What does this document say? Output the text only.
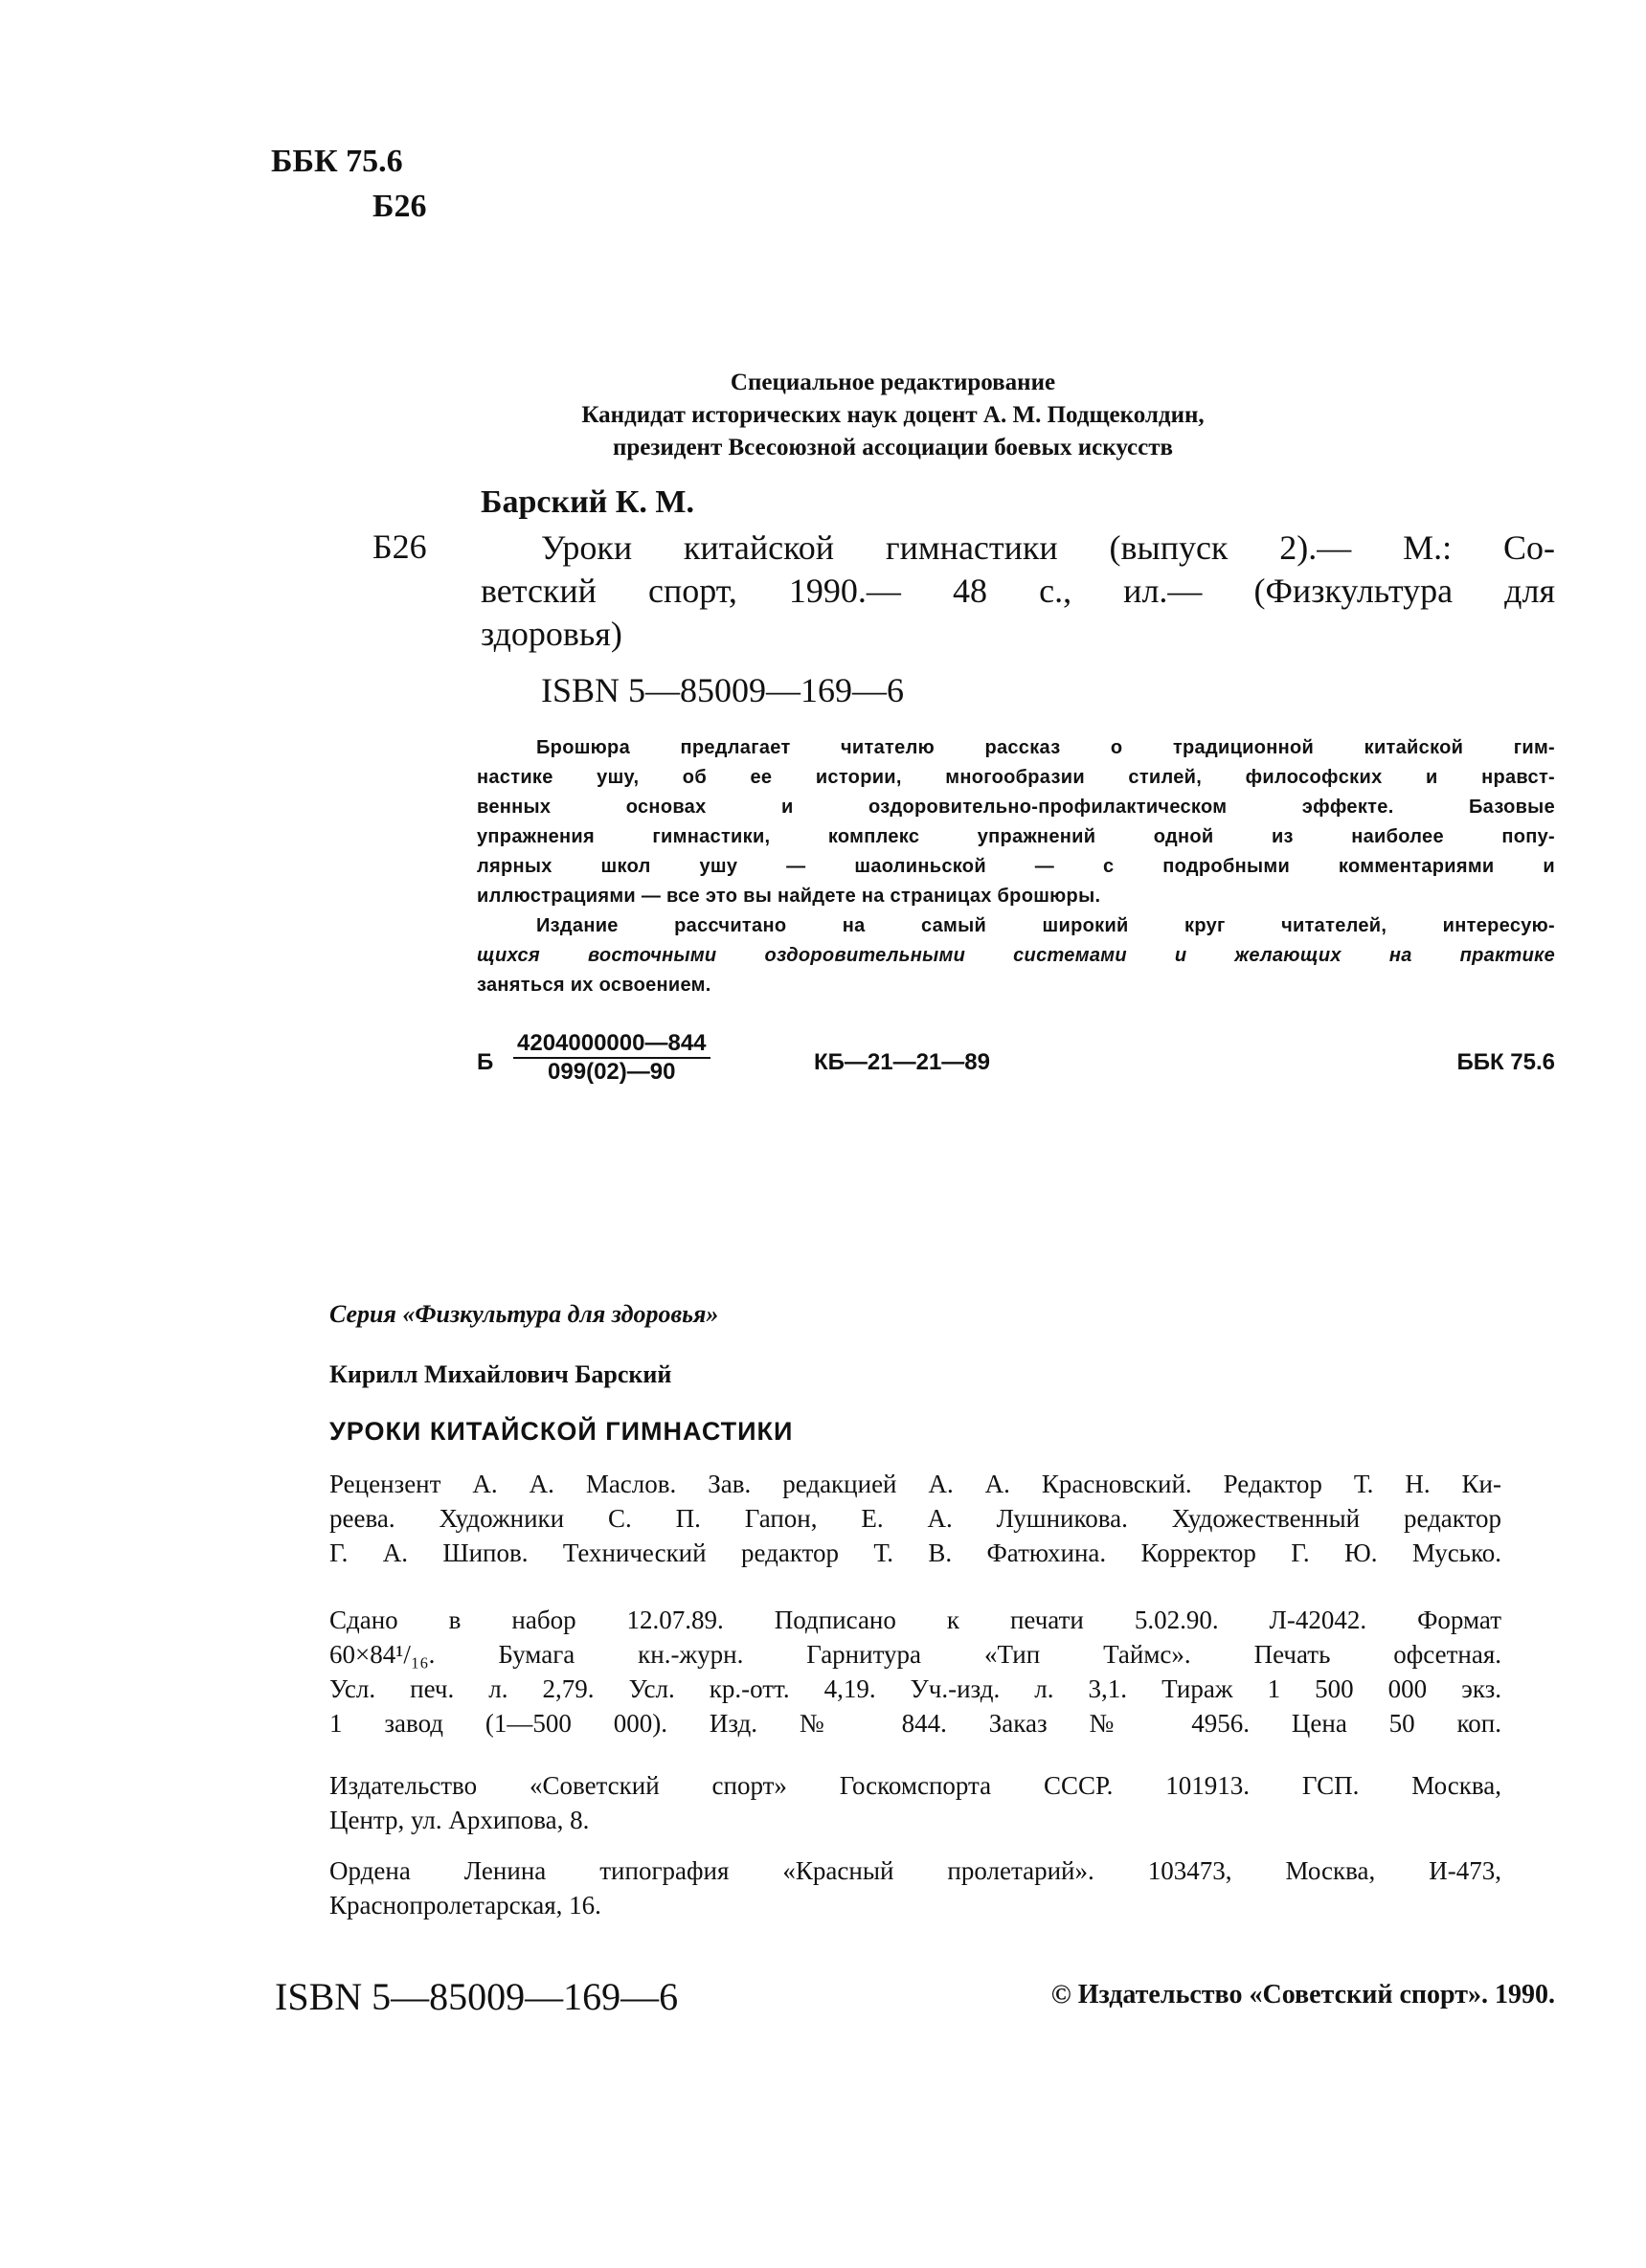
ББК 75.6
Б26
Специальное редактирование
Кандидат исторических наук доцент А. М. Подщеколдин,
президент Всесоюзной ассоциации боевых искусств
Барский К. М.
Б26	Уроки китайской гимнастики (выпуск 2).— М.: Со-
ветский спорт, 1990.— 48 с., ил.— (Физкультура для
здоровья)
ISBN 5—85009—169—6
Брошюра предлагает читателю рассказ о традиционной китайской гим-
настике ушу, об ее истории, многообразии стилей, философских и нравст-
венных основах и оздоровительно-профилактическом эффекте. Базовые
упражнения гимнастики, комплекс упражнений одной из наиболее попу-
лярных школ ушу — шаолиньской — с подробными комментариями и
иллюстрациями — все это вы найдете на страницах брошюры.
Издание рассчитано на самый широкий круг читателей, интересую-
щихся восточными оздоровительными системами и желающих на практике
заняться их освоением.
Б $\frac{4204000000—844}{099(02)—90}$	КБ—21—21—89	ББК 75.6
Серия «Физкультура для здоровья»
Кирилл Михайлович Барский
УРОКИ КИТАЙСКОЙ ГИМНАСТИКИ
Рецензент А. А. Маслов. Зав. редакцией А. А. Красновский. Редактор Т. Н. Ки-
реева. Художники С. П. Гапон, Е. А. Лушникова. Художественный редактор
Г. А. Шипов. Технический редактор Т. В. Фатюхина. Корректор Г. Ю. Мусько.
Сдано в набор 12.07.89. Подписано к печати 5.02.90. Л-42042. Формат
60×84¹/₁₆. Бумага кн.-журн. Гарнитура «Тип Таймс». Печать офсетная.
Усл. печ. л. 2,79. Усл. кр.-отт. 4,19. Уч.-изд. л. 3,1. Тираж 1 500 000 экз.
1 завод (1—500 000). Изд. № 844. Заказ № 4956. Цена 50 коп.
Издательство «Советский спорт» Госкомспорта СССР. 101913. ГСП. Москва,
Центр, ул. Архипова, 8.
Ордена Ленина типография «Красный пролетарий». 103473, Москва, И-473,
Краснопролетарская, 16.
ISBN 5—85009—169—6	© Издательство «Советский спорт». 1990.
